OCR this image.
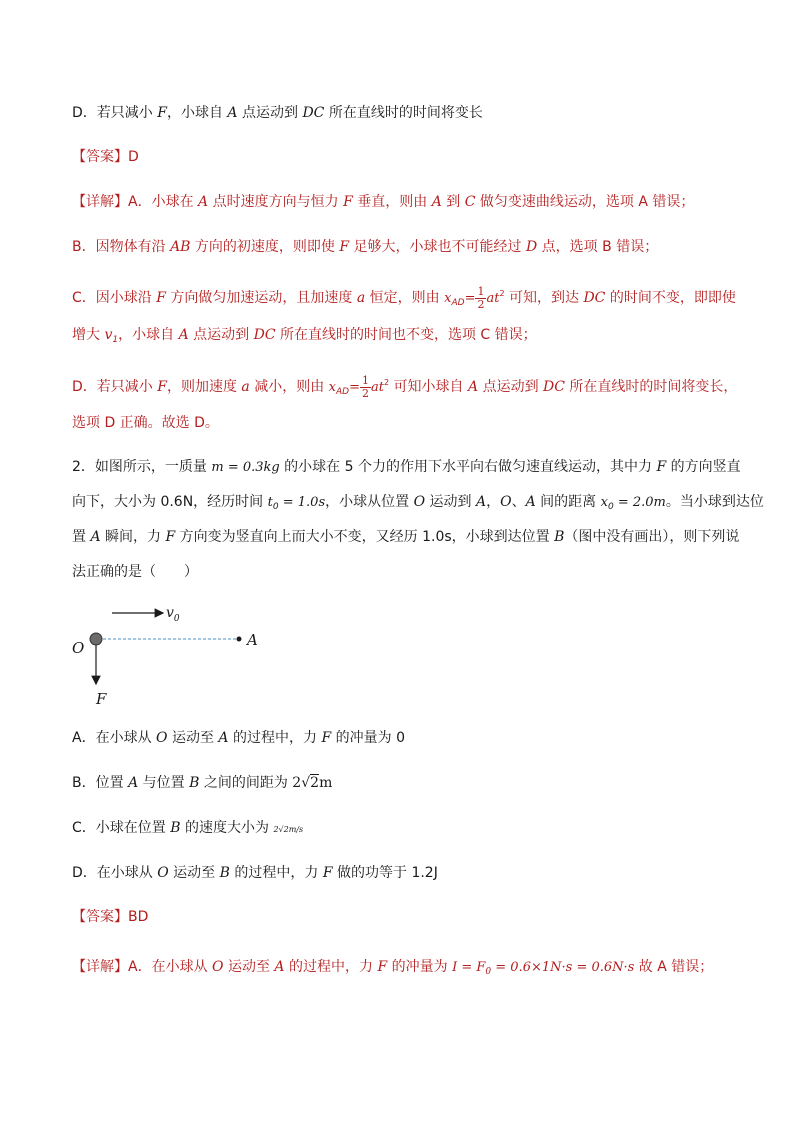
D．若只减小 F，小球自 A 点运动到 DC 所在直线时的时间将变长
【答案】D
【详解】A．小球在 A 点时速度方向与恒力 F 垂直，则由 A 到 C 做匀变速曲线运动，选项 A 错误；
B．因物体有沿 AB 方向的初速度，则即使 F 足够大，小球也不可能经过 D 点，选项 B 错误；
C．因小球沿 F 方向做匀加速运动，且加速度 a 恒定，则由 $x_{AD}= \frac{1}{2} at^2$ 可知，到达 DC 的时间不变，即即使
增大 $v_1$，小球自 A 点运动到 DC 所在直线时的时间也不变，选项 C 错误；
D．若只减小 F，则加速度 a 减小，则由 $x_{AD}= \frac{1}{2} at^2$ 可知小球自 A 点运动到 DC 所在直线时的时间将变长，
选项 D 正确。故选 D。
2．如图所示，一质量 m = 0.3kg 的小球在 5 个力的作用下水平向右做匀速直线运动，其中力 F 的方向竖直
向下，大小为 0.6N，经历时间 $t_0 = 1.0s$，小球从位置 O 运动到 A，O、A 间的距离 $x_0 = 2.0m$。当小球到达位
置 A 瞬间，力 F 方向变为竖直向上而大小不变，又经历 1.0s，小球到达位置 B（图中没有画出），则下列说
法正确的是（　　）
$v_0$
O	A
F
A．在小球从 O 运动至 A 的过程中，力 F 的冲量为 0
B．位置 A 与位置 B 之间的间距为 2√2m
C．小球在位置 B 的速度大小为 2√2m/s
D．在小球从 O 运动至 B 的过程中，力 F 做的功等于 1.2J
【答案】BD
【详解】A．在小球从 O 运动至 A 的过程中，力 F 的冲量为 $I = F_0 = 0.6\times 1N\cdot s = 0.6N\cdot s$ 故 A 错误；
